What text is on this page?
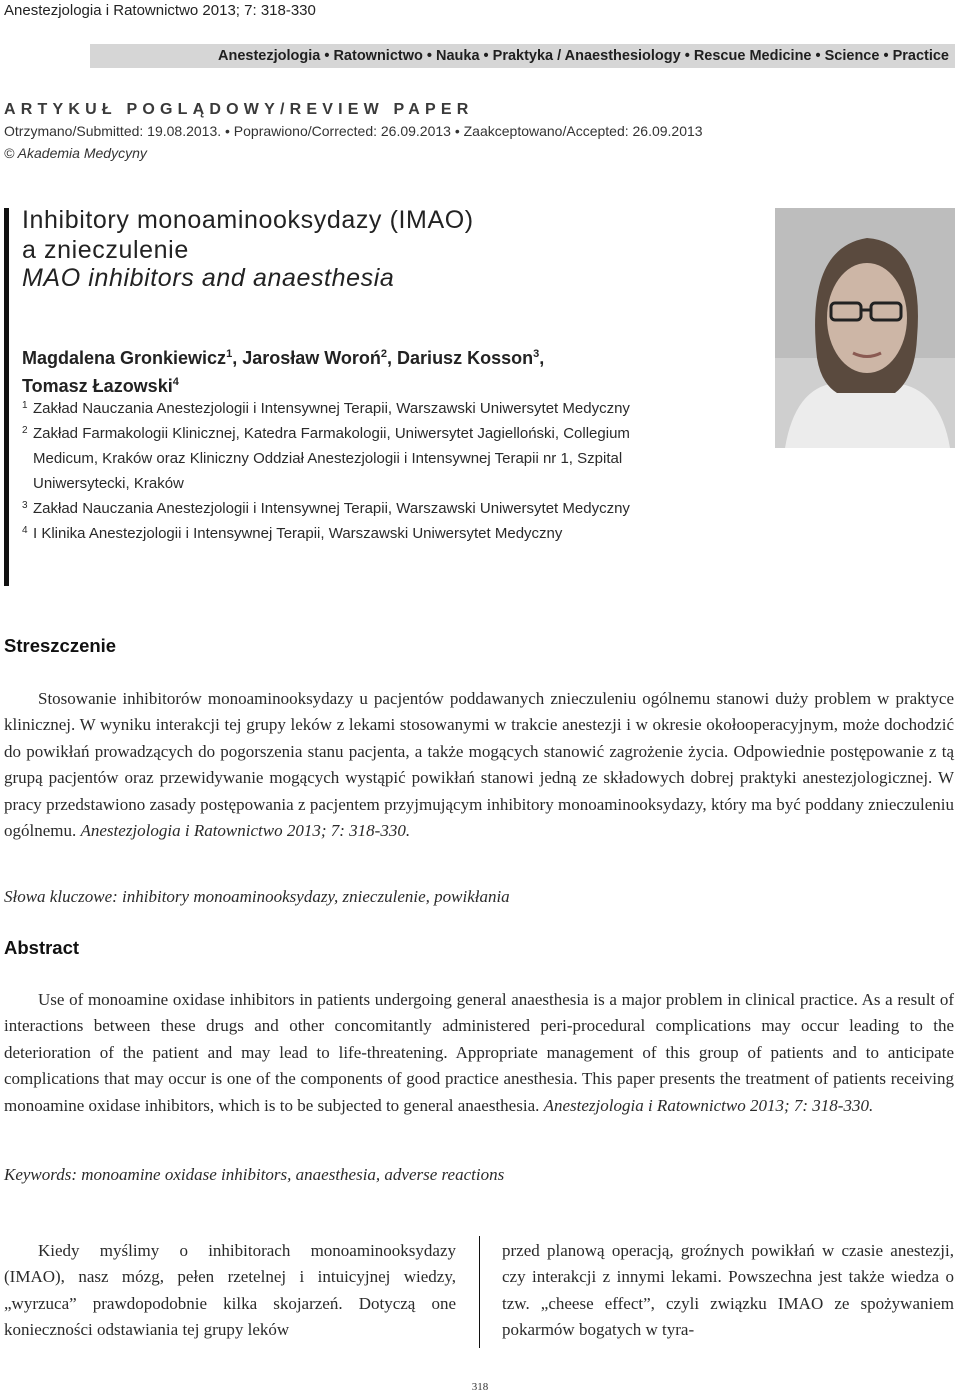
Anestezjologia i Ratownictwo 2013; 7: 318-330
Anestezjologia • Ratownictwo • Nauka • Praktyka / Anaesthesiology • Rescue Medicine • Science • Practice
ARTYKUŁ POGLĄDOWY/REVIEW PAPER
Otrzymano/Submitted: 19.08.2013. • Poprawiono/Corrected: 26.09.2013 • Zaakceptowano/Accepted: 26.09.2013
© Akademia Medycyny
Inhibitory monoaminooksydazy (IMAO)
a znieczulenie
MAO inhibitors and anaesthesia
Magdalena Gronkiewicz$^1$, Jarosław Woroń$^2$, Dariusz Kosson$^3$,
Tomasz Łazowski$^4$
1 Zakład Nauczania Anestezjologii i Intensywnej Terapii, Warszawski Uniwersytet Medyczny
2 Zakład Farmakologii Klinicznej, Katedra Farmakologii, Uniwersytet Jagielloński, Collegium Medicum, Kraków oraz Kliniczny Oddział Anestezjologii i Intensywnej Terapii nr 1, Szpital Uniwersytecki, Kraków
3 Zakład Nauczania Anestezjologii i Intensywnej Terapii, Warszawski Uniwersytet Medyczny
4 I Klinika Anestezjologii i Intensywnej Terapii, Warszawski Uniwersytet Medyczny
Streszczenie
Stosowanie inhibitorów monoaminooksydazy u pacjentów poddawanych znieczuleniu ogólnemu stanowi duży problem w praktyce klinicznej. W wyniku interakcji tej grupy leków z lekami stosowanymi w trakcie anestezji i w okresie okołooperacyjnym, może dochodzić do powikłań prowadzących do pogorszenia stanu pacjenta, a także mogących stanowić zagrożenie życia. Odpowiednie postępowanie z tą grupą pacjentów oraz przewidywanie mogących wystąpić powikłań stanowi jedną ze składowych dobrej praktyki anestezjologicznej. W pracy przedstawiono zasady postępowania z pacjentem przyjmującym inhibitory monoaminooksydazy, który ma być poddany znieczuleniu ogólnemu. Anestezjologia i Ratownictwo 2013; 7: 318-330.
Słowa kluczowe: inhibitory monoaminooksydazy, znieczulenie, powikłania
Abstract
Use of monoamine oxidase inhibitors in patients undergoing general anaesthesia is a major problem in clinical practice. As a result of interactions between these drugs and other concomitantly administered peri-procedural complications may occur leading to the deterioration of the patient and may lead to life-threatening. Appropriate management of this group of patients and to anticipate complications that may occur is one of the components of good practice anesthesia. This paper presents the treatment of patients receiving monoamine oxidase inhibitors, which is to be subjected to general anaesthesia. Anestezjologia i Ratownictwo 2013; 7: 318-330.
Keywords: monoamine oxidase inhibitors, anaesthesia, adverse reactions
Kiedy myślimy o inhibitorach monoaminooksydazy (IMAO), nasz mózg, pełen rzetelnej i intuicyjnej wiedzy, „wyrzuca” prawdopodobnie kilka skojarzeń. Dotyczą one konieczności odstawiania tej grupy leków
przed planową operacją, groźnych powikłań w czasie anestezji, czy interakcji z innymi lekami. Powszechna jest także wiedza o tzw. „cheese effect”, czyli związku IMAO ze spożywaniem pokarmów bogatych w tyra-
318
